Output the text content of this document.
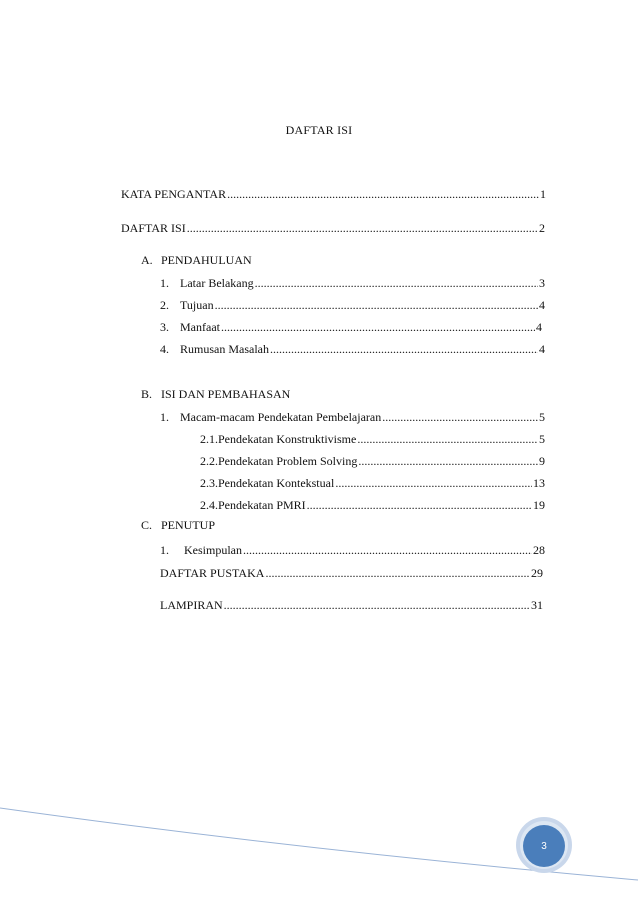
DAFTAR ISI
KATA PENGANTAR .....	1
DAFTAR ISI .....	2
A. PENDAHULUAN
1. Latar Belakang .....	3
2. Tujuan .....	4
3. Manfaat .....	4
4. Rumusan Masalah .....	4
B. ISI DAN PEMBAHASAN
1. Macam-macam Pendekatan Pembelajaran .....	5
2.1.Pendekatan Konstruktivisme .....	5
2.2.Pendekatan Problem Solving .....	9
2.3.Pendekatan Kontekstual .....	13
2.4.Pendekatan PMRI .....	19
C. PENUTUP
1.	Kesimpulan .....	28
DAFTAR PUSTAKA .....	29
LAMPIRAN .....	31
3
